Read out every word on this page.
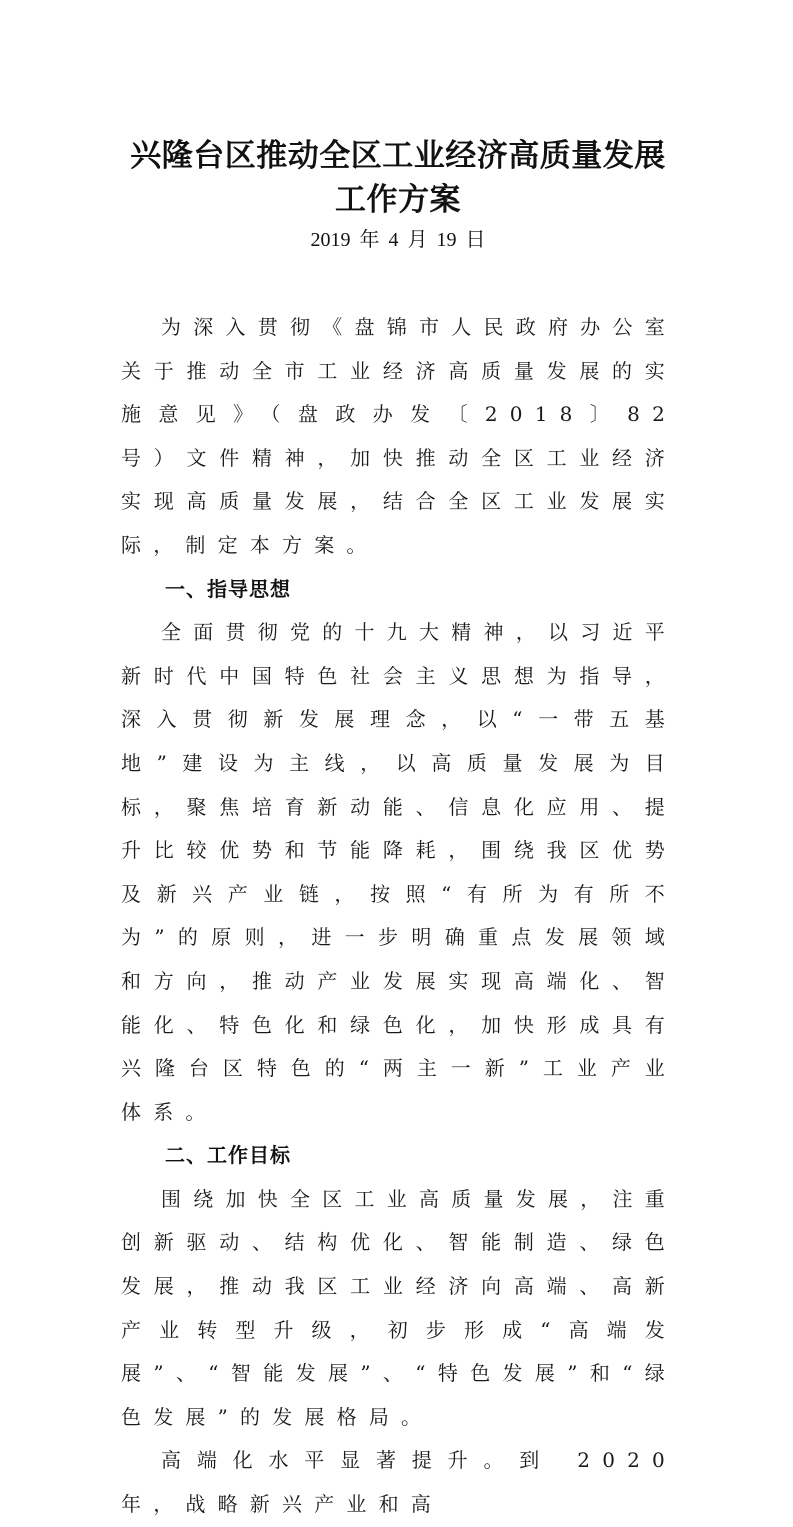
兴隆台区推动全区工业经济高质量发展工作方案
2019 年 4 月 19 日

为深入贯彻《盘锦市人民政府办公室关于推动全市工业经济高质量发展的实施意见》（盘政办发〔2018〕82 号）文件精神，加快推动全区工业经济实现高质量发展，结合全区工业发展实际，制定本方案。

一、指导思想

全面贯彻党的十九大精神，以习近平新时代中国特色社会主义思想为指导，深入贯彻新发展理念，以“一带五基地”建设为主线，以高质量发展为目标，聚焦培育新动能、信息化应用、提升比较优势和节能降耗，围绕我区优势及新兴产业链，按照“有所为有所不为”的原则，进一步明确重点发展领域和方向，推动产业发展实现高端化、智能化、特色化和绿色化，加快形成具有兴隆台区特色的“两主一新”工业产业体系。

二、工作目标

围绕加快全区工业高质量发展，注重创新驱动、结构优化、智能制造、绿色发展，推动我区工业经济向高端、高新产业转型升级，初步形成“高端发展”、“智能发展”、“特色发展”和“绿色发展”的发展格局。

高端化水平显著提升。到 2020 年，战略新兴产业和高
